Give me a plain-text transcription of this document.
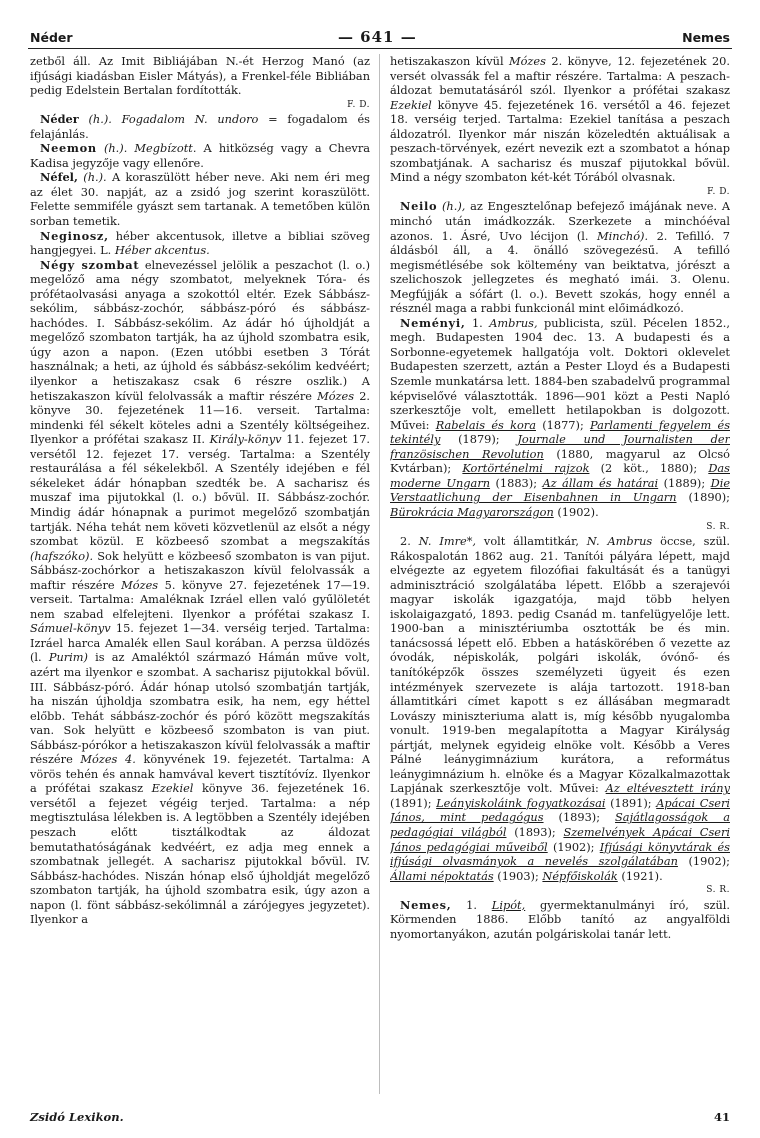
Néder	— 641 —	Nemes

zetből áll. Az Imit Bibliájában N.-ét Herzog Manó (az ifjúsági kiadásban Eisler Mátyás), a Frenkel-féle Bibliában pedig Edelstein Bertalan fordították.
F. D.

Néder (h.). Fogadalom N. undoro = fogadalom és felajánlás.

Neemon (h.). Megbízott. A hitközség vagy a Chevra Kadisa jegyzője vagy ellenőre.

Néfel, (h.). A koraszülött héber neve. Aki nem éri meg az élet 30. napját, az a zsidó jog szerint koraszülött. Felette semmiféle gyászt sem tartanak. A temetőben külön sorban temetik.

Neginosz, héber akcentusok, illetve a bibliai szöveg hangjegyei. L. Héber akcentus.

Négy szombat elnevezéssel jelölik a peszachot (l. o.) megelőző ama négy szombatot, melyeknek Tóra- és prófétaolvasási anyaga a szokottól eltér. Ezek Sábbász-sekólim, sábbász-zochór, sábbász-póró és sábbász-hachódes. I. Sábbász-sekólim. Az ádár hó újholdját a megelőző szombaton tartják, ha az újhold szombatra esik, úgy azon a napon. (Ezen utóbbi esetben 3 Tórát használnak; a heti, az újhold és sábbász-sekólim kedvéért; ilyenkor a hetiszakasz csak 6 részre oszlik.) A hetiszakaszon kívül felolvassák a maftir részére Mózes 2. könyve 30. fejezetének 11—16. verseit. Tartalma: mindenki fél sékelt köteles adni a Szentély költségeihez. Ilyenkor a prófétai szakasz II. Király-könyv 11. fejezet 17. versétől 12. fejezet 17. verség. Tartalma: a Szentély restaurálása a fél sékelekből. A Szentély idejében e fél sékeleket ádár hónapban szedték be. A sacharisz és muszaf ima pijutokkal (l. o.) bővül. II. Sábbász-zochór. Mindig ádár hónapnak a purimot megelőző szombatján tartják. Néha tehát nem követi közvetlenül az elsőt a négy szombat közül. E közbeeső szombat a megszakítás (hafszóko). Sok helyütt e közbeeső szombaton is van pijut. Sábbász-zochórkor a hetiszakaszon kívül felolvassák a maftir részére Mózes 5. könyve 27. fejezetének 17—19. verseit. Tartalma: Amaléknak Izráel ellen való gyűlöletét nem szabad elfelejteni. Ilyenkor a prófétai szakasz I. Sámuel-könyv 15. fejezet 1—34. verséig terjed. Tartalma: Izráel harca Amalék ellen Saul korában. A perzsa üldözés (l. Purim) is az Amaléktól származó Hámán műve volt, azért ma ilyenkor e szombat. A sacharisz pijutokkal bővül. III. Sábbász-póró. Ádár hónap utolsó szombatján tartják, ha niszán újholdja szombatra esik, ha nem, egy héttel előbb. Tehát sábbász-zochór és póró között megszakítás van. Sok helyütt e közbeeső szombaton is van piut. Sábbász-pórókor a hetiszakaszon kívül felolvassák a maftir részére Mózes 4. könyvének 19. fejezetét. Tartalma: A vörös tehén és annak hamvával kevert tisztítóvíz. Ilyenkor a prófétai szakasz Ezekiel könyve 36. fejezetének 16. versétől a fejezet végéig terjed. Tartalma: a nép megtisztulása lélekben is. A legtöbben a Szentély idejében peszach előtt tisztálkodtak az áldozat bemutathatóságának kedvéért, ez adja meg ennek a szombatnak jellegét. A sacharisz pijutokkal bővül. IV. Sábbász-hachódes. Niszán hónap első újholdját megelőző szombaton tartják, ha újhold szombatra esik, úgy azon a napon (l. fönt sábbász-sekólimnál a zárójegyes jegyzetet). Ilyenkor a

hetiszakaszon kívül Mózes 2. könyve, 12. fejezetének 20. versét olvassák fel a maftir részére. Tartalma: A peszach-áldozat bemutatásáról szól. Ilyenkor a prófétai szakasz Ezekiel könyve 45. fejezetének 16. versétől a 46. fejezet 18. verséig terjed. Tartalma: Ezekiel tanítása a peszach áldozatról. Ilyenkor már niszán közeledtén aktuálisak a peszach-törvények, ezért nevezik ezt a szombatot a hónap szombatjának. A sacharisz és muszaf pijutokkal bővül. Mind a négy szombaton két-két Tórából olvasnak.
F. D.

Neilo (h.), az Engesztelőnap befejező imájának neve. A minchó után imádkozzák. Szerkezete a minchóéval azonos. 1. Ásré, Uvo lécijon (l. Minchó). 2. Tefilló. 7 áldásból áll, a 4. önálló szövegezésű. A tefilló megismétlésébe sok költemény van beiktatva, jórészt a szelichoszok jellegzetes és megható imái. 3. Olenu. Megfújják a sófárt (l. o.). Bevett szokás, hogy ennél a résznél maga a rabbi funkcionál mint előimádkozó.

Neményi, 1. Ambrus, publicista, szül. Pécelen 1852., megh. Budapesten 1904 dec. 13. A budapesti és a Sorbonne-egyetemek hallgatója volt. Doktori oklevelet Budapesten szerzett, aztán a Pester Lloyd és a Budapesti Szemle munkatársa lett. 1884-ben szabadelvű programmal képviselővé választották. 1896—901 közt a Pesti Napló szerkesztője volt, emellett hetilapokban is dolgozott. Művei: Rabelais és kora (1877); Parlamenti fegyelem és tekintély (1879); Journale und Journalisten der französischen Revolution (1880, magyarul az Olcsó Kvtárban); Kortörténelmi rajzok (2 köt., 1880); Das moderne Ungarn (1883); Az állam és határai (1889); Die Verstaatlichung der Eisenbahnen in Ungarn (1890); Bürokrácia Magyarországon (1902).
S. R.

2. N. Imre*, volt államtitkár, N. Ambrus öccse, szül. Rákospalotán 1862 aug. 21. Tanítói pályára lépett, majd elvégezte az egyetem filozófiai fakultását és a tanügyi adminisztráció szolgálatába lépett. Előbb a szerajevói magyar iskolák igazgatója, majd több helyen iskolaigazgató, 1893. pedig Csanád m. tanfelügyelője lett. 1900-ban a minisztériumba osztották be és min. tanácsossá lépett elő. Ebben a hatáskörében ő vezette az óvodák, népiskolák, polgári iskolák, óvónő- és tanítóképzők összes személyzeti ügyeit és ezen intézmények szervezete is alája tartozott. 1918-ban államtitkári címet kapott s ez állásában megmaradt Lovászy miniszteriuma alatt is, míg később nyugalomba vonult. 1919-ben megalapította a Magyar Királyság pártját, melynek egyideig elnöke volt. Később a Veres Pálné leánygimnázium kurátora, a református leánygimnázium h. elnöke és a Magyar Közalkalmazottak Lapjának szerkesztője volt. Művei: Az eltévesztett irány (1891); Leányiskoláink fogyatkozásai (1891); Apácai Cseri János, mint pedagógus (1893); Sajátlagosságok a pedagógiai világból (1893); Szemelvények Apácai Cseri János pedagógiai műveiből (1902); Ifjúsági könyvtárak és ifjúsági olvasmányok a nevelés szolgálatában (1902); Állami népoktatás (1903); Népfőiskolák (1921).
S. R.

Nemes, 1. Lipót, gyermektanulmányi író, szül. Körmenden 1886. Előbb tanító az angyalföldi nyomortanyákon, azután polgáriskolai tanár lett.

Zsidó Lexikon.	41
